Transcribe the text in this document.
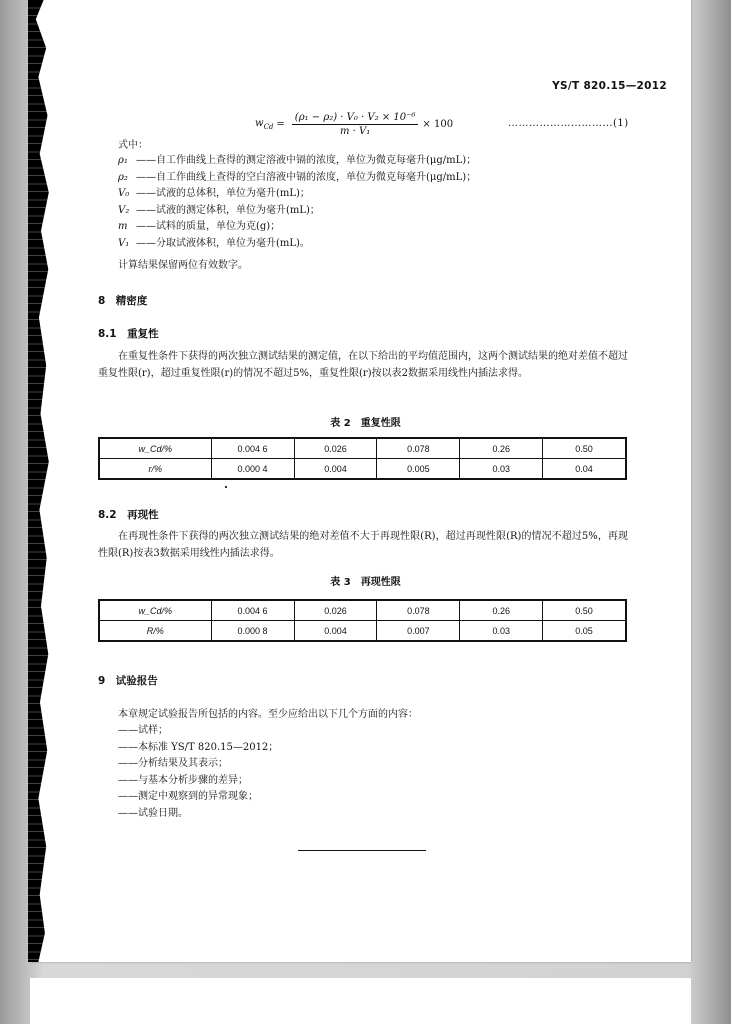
YS/T 820.15—2012
$w_{Cd} = \frac{\text{(ρ₁ − ρ₂) · V₀ · V₂ × 10⁻⁶}}{\text{m · V₁}} \times 100$	…………………………(1)
式中：
ρ₁ ——自工作曲线上查得的测定溶液中镉的浓度，单位为微克每毫升(μg/mL)；
ρ₂ ——自工作曲线上查得的空白溶液中镉的浓度，单位为微克每毫升(μg/mL)；
V₀ ——试液的总体积，单位为毫升(mL)；
V₂ ——试液的测定体积，单位为毫升(mL)；
m ——试料的质量，单位为克(g)；
V₁ ——分取试液体积，单位为毫升(mL)。
计算结果保留两位有效数字。
8　精密度
8.1　重复性
在重复性条件下获得的两次独立测试结果的测定值，在以下给出的平均值范围内，这两个测试结果的绝对差值不超过重复性限(r)，超过重复性限(r)的情况不超过5%，重复性限(r)按以表2数据采用线性内插法求得。
表 2　重复性限
w_Cd/%	0.004 6	0.026	0.078	0.26	0.50
r/%	0.000 4	0.004	0.005	0.03	0.04
8.2　再现性
在再现性条件下获得的两次独立测试结果的绝对差值不大于再现性限(R)，超过再现性限(R)的情况不超过5%，再现性限(R)按表3数据采用线性内插法求得。
表 3　再现性限
w_Cd/%	0.004 6	0.026	0.078	0.26	0.50
R/%	0.000 8	0.004	0.007	0.03	0.05
9　试验报告
本章规定试验报告所包括的内容。至少应给出以下几个方面的内容：
——试样；
——本标准 YS/T 820.15—2012；
——分析结果及其表示；
——与基本分析步骤的差异；
——测定中观察到的异常现象；
——试验日期。
